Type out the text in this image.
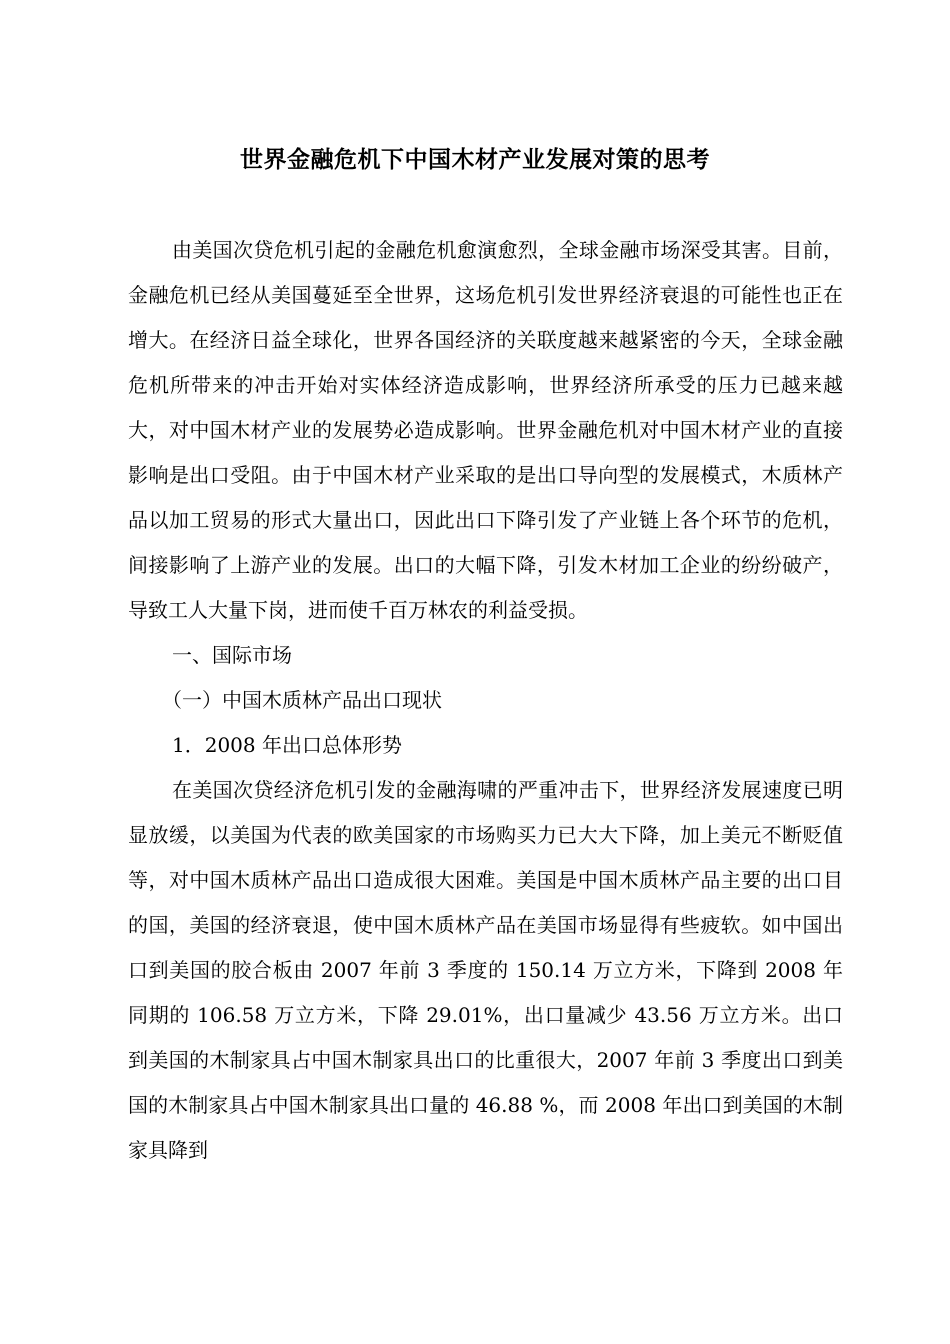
世界金融危机下中国木材产业发展对策的思考

由美国次贷危机引起的金融危机愈演愈烈，全球金融市场深受其害。目前，金融危机已经从美国蔓延至全世界，这场危机引发世界经济衰退的可能性也正在增大。在经济日益全球化，世界各国经济的关联度越来越紧密的今天，全球金融危机所带来的冲击开始对实体经济造成影响，世界经济所承受的压力已越来越大，对中国木材产业的发展势必造成影响。世界金融危机对中国木材产业的直接影响是出口受阻。由于中国木材产业采取的是出口导向型的发展模式，木质林产品以加工贸易的形式大量出口，因此出口下降引发了产业链上各个环节的危机，间接影响了上游产业的发展。出口的大幅下降，引发木材加工企业的纷纷破产，导致工人大量下岗，进而使千百万林农的利益受损。

一、国际市场

（一）中国木质林产品出口现状

1．2008 年出口总体形势

在美国次贷经济危机引发的金融海啸的严重冲击下，世界经济发展速度已明显放缓，以美国为代表的欧美国家的市场购买力已大大下降，加上美元不断贬值等，对中国木质林产品出口造成很大困难。美国是中国木质林产品主要的出口目的国，美国的经济衰退，使中国木质林产品在美国市场显得有些疲软。如中国出口到美国的胶合板由 2007 年前 3 季度的 150.14 万立方米，下降到 2008 年同期的 106.58 万立方米，下降 29.01%，出口量减少 43.56 万立方米。出口到美国的木制家具占中国木制家具出口的比重很大，2007 年前 3 季度出口到美国的木制家具占中国木制家具出口量的 46.88 %，而 2008 年出口到美国的木制家具降到
